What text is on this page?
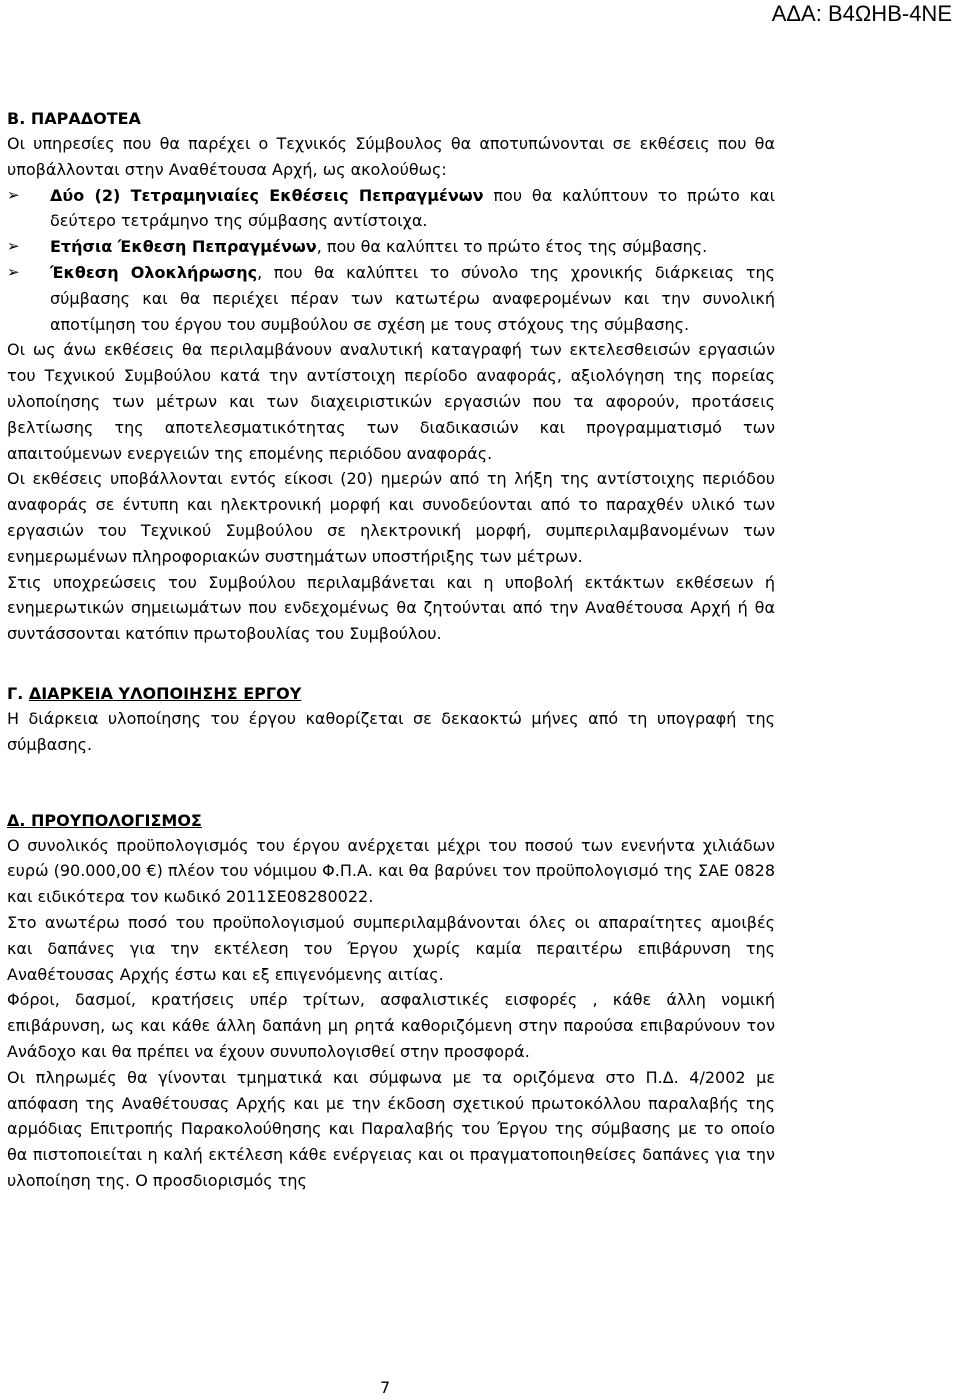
ΑΔΑ: Β4ΩΗΒ-4ΝΕ
Β. ΠΑΡΑΔΟΤΕΑ
Οι υπηρεσίες που θα παρέχει ο Τεχνικός Σύμβουλος θα αποτυπώνονται σε εκθέσεις που θα υποβάλλονται στην Αναθέτουσα Αρχή, ως ακολούθως:
➢ Δύο (2) Τετραμηνιαίες Εκθέσεις Πεπραγμένων που θα καλύπτουν το πρώτο και δεύτερο τετράμηνο της σύμβασης αντίστοιχα.
➢ Ετήσια Έκθεση Πεπραγμένων, που θα καλύπτει το πρώτο έτος της σύμβασης.
➢ Έκθεση Ολοκλήρωσης, που θα καλύπτει το σύνολο της χρονικής διάρκειας της σύμβασης και θα περιέχει πέραν των κατωτέρω αναφερομένων και την συνολική αποτίμηση του έργου του συμβούλου σε σχέση με τους στόχους της σύμβασης.
Οι ως άνω εκθέσεις θα περιλαμβάνουν αναλυτική καταγραφή των εκτελεσθεισών εργασιών του Τεχνικού Συμβούλου κατά την αντίστοιχη περίοδο αναφοράς, αξιολόγηση της πορείας υλοποίησης των μέτρων και των διαχειριστικών εργασιών που τα αφορούν, προτάσεις βελτίωσης της αποτελεσματικότητας των διαδικασιών και προγραμματισμό των απαιτούμενων ενεργειών της επομένης περιόδου αναφοράς.
Οι εκθέσεις υποβάλλονται εντός είκοσι (20) ημερών από τη λήξη της αντίστοιχης περιόδου αναφοράς σε έντυπη και ηλεκτρονική μορφή και συνοδεύονται από το παραχθέν υλικό των εργασιών του Τεχνικού Συμβούλου σε ηλεκτρονική μορφή, συμπεριλαμβανομένων των ενημερωμένων πληροφοριακών συστημάτων υποστήριξης των μέτρων.
Στις υποχρεώσεις του Συμβούλου περιλαμβάνεται και η υποβολή εκτάκτων εκθέσεων ή ενημερωτικών σημειωμάτων που ενδεχομένως θα ζητούνται από την Αναθέτουσα Αρχή ή θα συντάσσονται κατόπιν πρωτοβουλίας του Συμβούλου.
Γ. ΔΙΑΡΚΕΙΑ ΥΛΟΠΟΙΗΣΗΣ ΕΡΓΟΥ
Η διάρκεια υλοποίησης του έργου καθορίζεται σε δεκαοκτώ μήνες από τη υπογραφή της σύμβασης.
Δ. ΠΡΟΥΠΟΛΟΓΙΣΜΟΣ
Ο συνολικός προϋπολογισμός του έργου ανέρχεται μέχρι του ποσού των ενενήντα χιλιάδων ευρώ (90.000,00 €) πλέον του νόμιμου Φ.Π.Α. και θα βαρύνει τον προϋπολογισμό της ΣΑΕ 0828 και ειδικότερα τον κωδικό 2011ΣΕ08280022.
Στο ανωτέρω ποσό του προϋπολογισμού συμπεριλαμβάνονται όλες οι απαραίτητες αμοιβές και δαπάνες για την εκτέλεση του Έργου χωρίς καμία περαιτέρω επιβάρυνση της Αναθέτουσας Αρχής έστω και εξ επιγενόμενης αιτίας.
Φόροι, δασμοί, κρατήσεις υπέρ τρίτων, ασφαλιστικές εισφορές , κάθε άλλη νομική επιβάρυνση, ως και κάθε άλλη δαπάνη μη ρητά καθοριζόμενη στην παρούσα επιβαρύνουν τον Ανάδοχο και θα πρέπει να έχουν συνυπολογισθεί στην προσφορά.
Οι πληρωμές θα γίνονται τμηματικά και σύμφωνα με τα οριζόμενα στο Π.Δ. 4/2002 με απόφαση της Αναθέτουσας Αρχής και με την έκδοση σχετικού πρωτοκόλλου παραλαβής της αρμόδιας Επιτροπής Παρακολούθησης και Παραλαβής του Έργου της σύμβασης με το οποίο θα πιστοποιείται η καλή εκτέλεση κάθε ενέργειας και οι πραγματοποιηθείσες δαπάνες για την υλοποίηση της. Ο προσδιορισμός της
7
